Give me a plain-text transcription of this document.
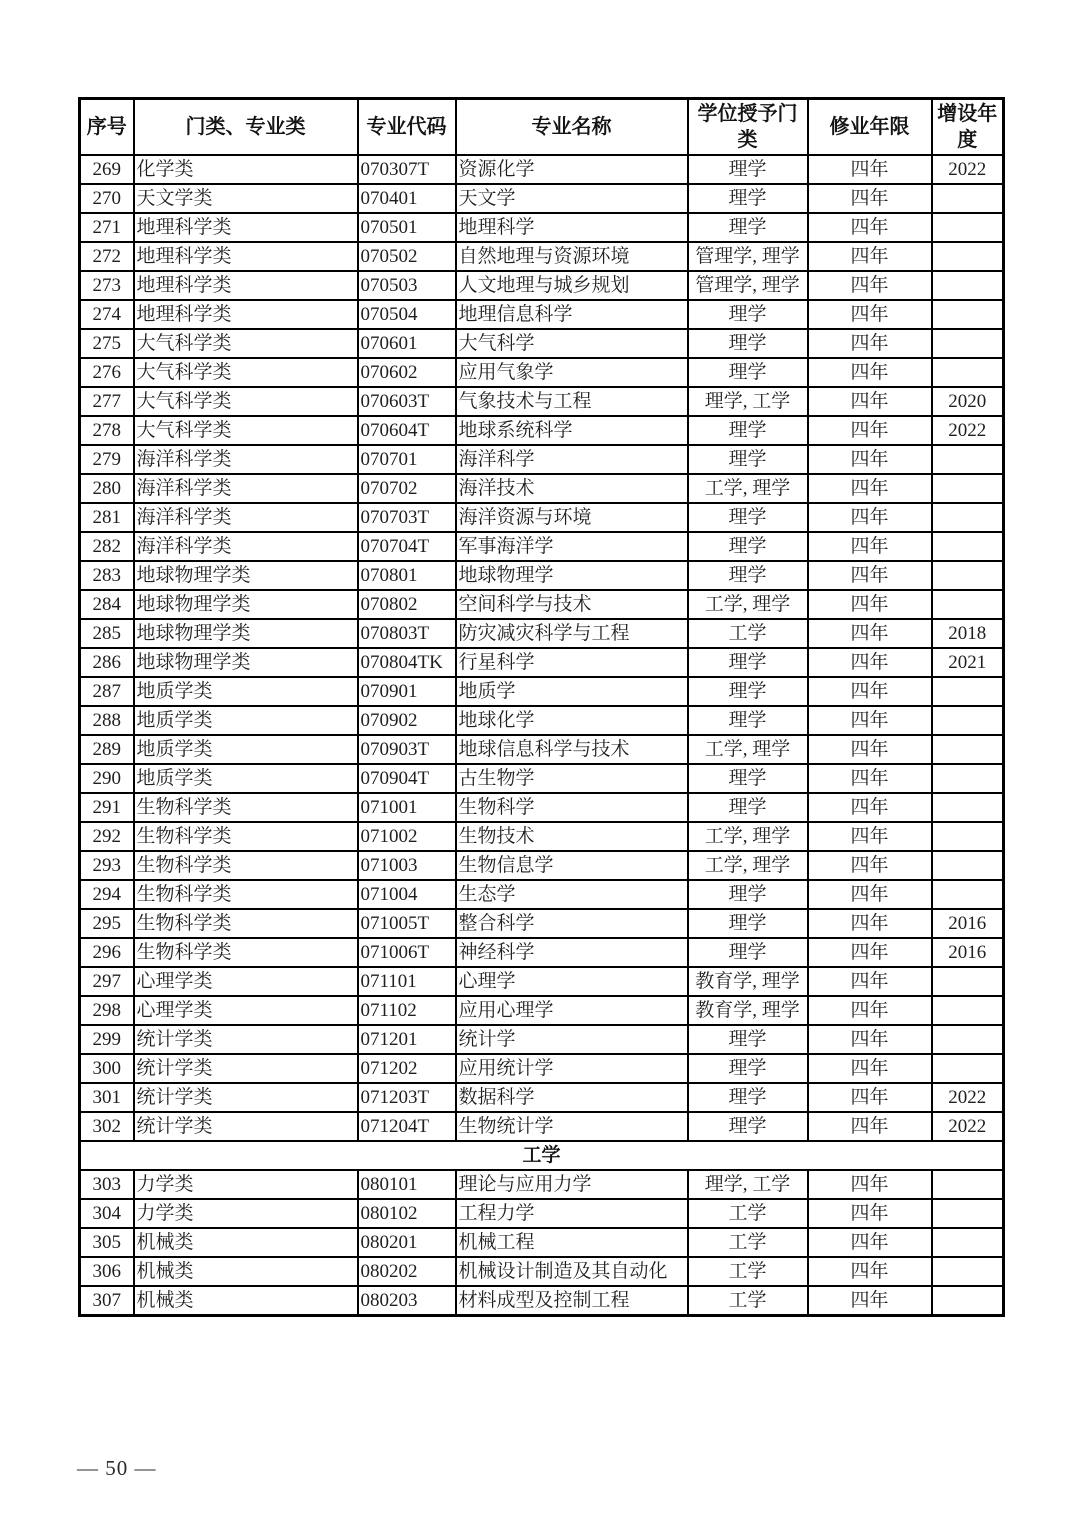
序号	门类、专业类	专业代码	专业名称	学位授予门类	修业年限	增设年度
269	化学类	070307T	资源化学	理学	四年	2022
270	天文学类	070401	天文学	理学	四年	
271	地理科学类	070501	地理科学	理学	四年	
272	地理科学类	070502	自然地理与资源环境	管理学, 理学	四年	
273	地理科学类	070503	人文地理与城乡规划	管理学, 理学	四年	
274	地理科学类	070504	地理信息科学	理学	四年	
275	大气科学类	070601	大气科学	理学	四年	
276	大气科学类	070602	应用气象学	理学	四年	
277	大气科学类	070603T	气象技术与工程	理学, 工学	四年	2020
278	大气科学类	070604T	地球系统科学	理学	四年	2022
279	海洋科学类	070701	海洋科学	理学	四年	
280	海洋科学类	070702	海洋技术	工学, 理学	四年	
281	海洋科学类	070703T	海洋资源与环境	理学	四年	
282	海洋科学类	070704T	军事海洋学	理学	四年	
283	地球物理学类	070801	地球物理学	理学	四年	
284	地球物理学类	070802	空间科学与技术	工学, 理学	四年	
285	地球物理学类	070803T	防灾减灾科学与工程	工学	四年	2018
286	地球物理学类	070804TK	行星科学	理学	四年	2021
287	地质学类	070901	地质学	理学	四年	
288	地质学类	070902	地球化学	理学	四年	
289	地质学类	070903T	地球信息科学与技术	工学, 理学	四年	
290	地质学类	070904T	古生物学	理学	四年	
291	生物科学类	071001	生物科学	理学	四年	
292	生物科学类	071002	生物技术	工学, 理学	四年	
293	生物科学类	071003	生物信息学	工学, 理学	四年	
294	生物科学类	071004	生态学	理学	四年	
295	生物科学类	071005T	整合科学	理学	四年	2016
296	生物科学类	071006T	神经科学	理学	四年	2016
297	心理学类	071101	心理学	教育学, 理学	四年	
298	心理学类	071102	应用心理学	教育学, 理学	四年	
299	统计学类	071201	统计学	理学	四年	
300	统计学类	071202	应用统计学	理学	四年	
301	统计学类	071203T	数据科学	理学	四年	2022
302	统计学类	071204T	生物统计学	理学	四年	2022
工学						
303	力学类	080101	理论与应用力学	理学, 工学	四年	
304	力学类	080102	工程力学	工学	四年	
305	机械类	080201	机械工程	工学	四年	
306	机械类	080202	机械设计制造及其自动化	工学	四年	
307	机械类	080203	材料成型及控制工程	工学	四年	
— 50 —
